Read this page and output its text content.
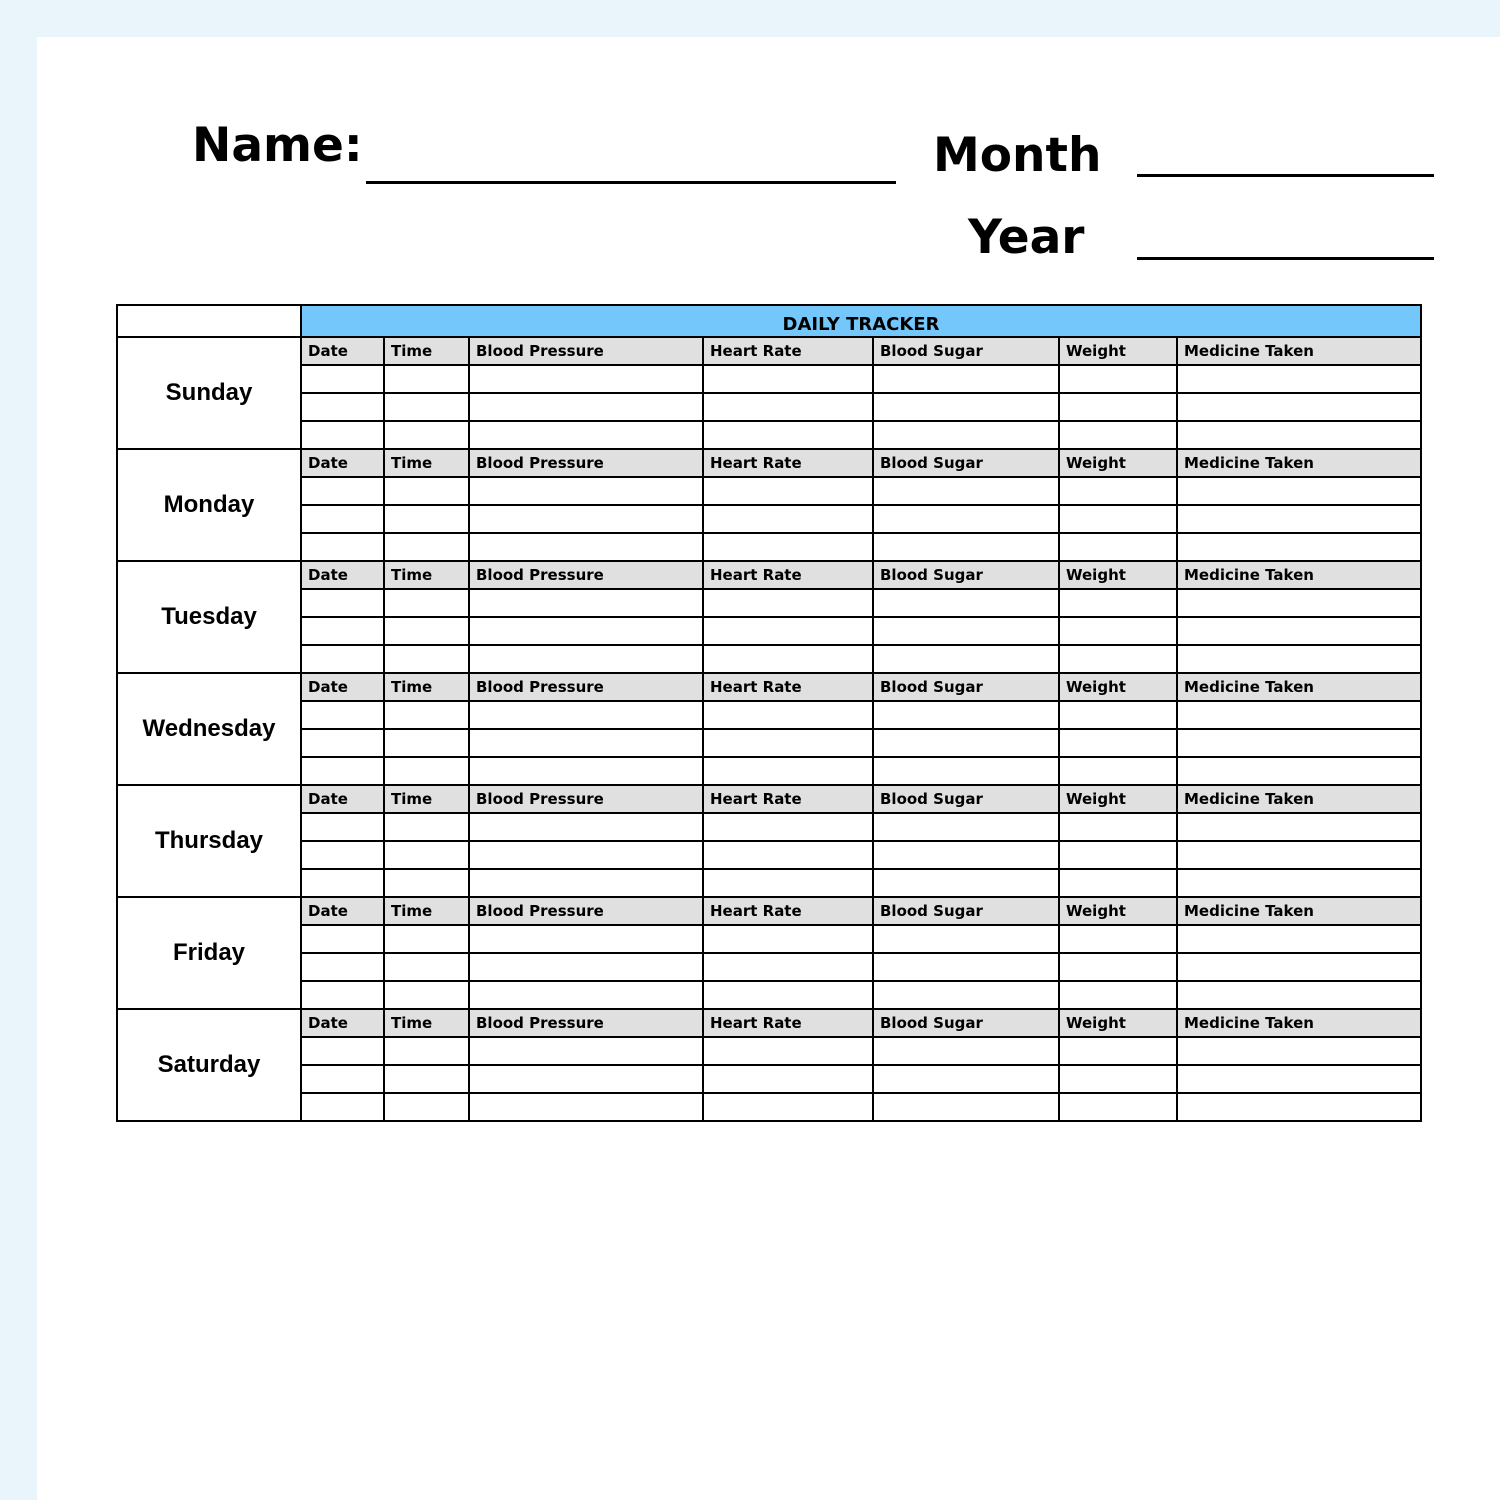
Name:	Month
Year
	DAILY TRACKER						
Sunday	Date	Time	Blood Pressure	Heart Rate	Blood Sugar	Weight	Medicine Taken

Monday	Date	Time	Blood Pressure	Heart Rate	Blood Sugar	Weight	Medicine Taken

Tuesday	Date	Time	Blood Pressure	Heart Rate	Blood Sugar	Weight	Medicine Taken

Wednesday	Date	Time	Blood Pressure	Heart Rate	Blood Sugar	Weight	Medicine Taken

Thursday	Date	Time	Blood Pressure	Heart Rate	Blood Sugar	Weight	Medicine Taken

Friday	Date	Time	Blood Pressure	Heart Rate	Blood Sugar	Weight	Medicine Taken

Saturday	Date	Time	Blood Pressure	Heart Rate	Blood Sugar	Weight	Medicine Taken
